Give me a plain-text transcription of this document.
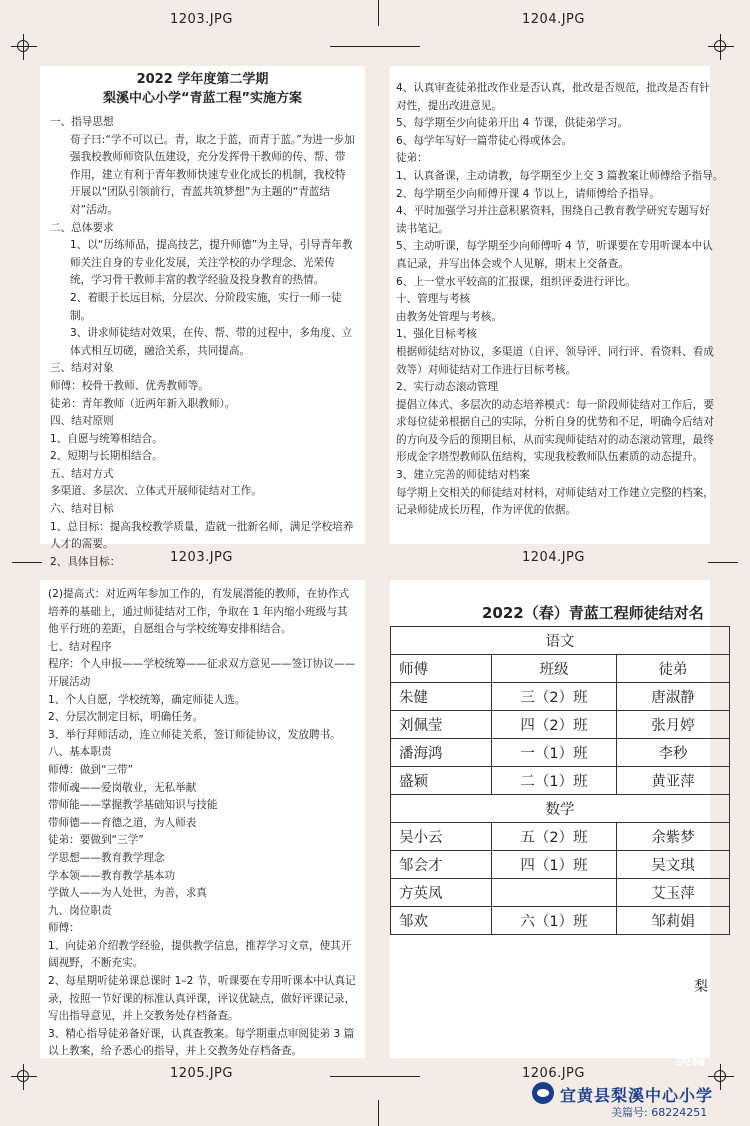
1203.JPG	1204.JPG
1203.JPG	1204.JPG
1205.JPG	1206.JPG
2022 学年度第二学期
梨溪中心小学“青蓝工程”实施方案
一、指导思想
荀子曰:“学不可以已。青，取之于蓝，而青于蓝。”为进一步加强我校教师师资队伍建设，充分发挥骨干教师的传、帮、带作用，建立有利于青年教师快速专业化成长的机制，我校特开展以“团队引领前行，青蓝共筑梦想”为主题的“青蓝结对”活动。
二、总体要求
1、以“历练师品，提高技艺，提升师德”为主导，引导青年教师关注自身的专业化发展，关注学校的办学理念、光荣传统，学习骨干教师丰富的教学经验及投身教育的热情。
2、着眼于长远目标，分层次、分阶段实施，实行一师一徒制。
3、讲求师徒结对效果，在传、帮、带的过程中，多角度、立体式相互切磋，融洽关系，共同提高。
三、结对对象
师傅：校骨干教师、优秀教师等。
徒弟：青年教师（近两年新入职教师）。
四、结对原则
1、自愿与统筹相结合。
2、短期与长期相结合。
五、结对方式
多渠道、多层次、立体式开展师徒结对工作。
六、结对目标
1、总目标：提高我校教学质量，造就一批新名师，满足学校培养人才的需要。
2、具体目标：
4、认真审查徒弟批改作业是否认真，批改是否规范，批改是否有针
对性，提出改进意见。
5、每学期至少向徒弟开出 4 节课，供徒弟学习。
6、每学年写好一篇带徒心得或体会。
徒弟：
1、认真备课，主动请教，每学期至少上交 3 篇教案让师傅给予指导。
2、每学期至少向师傅开课 4 节以上，请师傅给予指导。
4、平时加强学习并注意积累资料，围绕自己教育教学研究专题写好
读书笔记。
5、主动听课，每学期至少向师傅听 4 节，听课要在专用听课本中认
真记录，并写出体会或个人见解，期末上交备查。
6、上一堂水平较高的汇报课，组织评委进行评比。
十、管理与考核
由教务处管理与考核。
1、强化目标考核
根据师徒结对协议，多渠道（自评、领导评、同行评、看资料、看成
效等）对师徒结对工作进行目标考核。
2、实行动态滚动管理
提倡立体式、多层次的动态培养模式：每一阶段师徒结对工作后，要
求每位徒弟根据自己的实际，分析自身的优势和不足，明确今后结对
的方向及今后的预期目标，从而实现师徒结对的动态滚动管理，最终
形成金字塔型教师队伍结构，实现我校教师队伍素质的动态提升。
3、建立完善的师徒结对档案
每学期上交相关的师徒结对材料，对师徒结对工作建立完整的档案，
记录师徒成长历程，作为评优的依据。
(2)提高式：对近两年参加工作的，有发展潜能的教师，在协作式培养的基础上，通过师徒结对工作，争取在 1 年内缩小班级与其他平行班的差距，自愿组合与学校统筹安排相结合。
七、结对程序
程序：个人申报——学校统筹——征求双方意见——签订协议——开展活动
1、个人自愿，学校统筹，确定师徒人选。
2、分层次制定目标，明确任务。
3、举行拜师活动，连立师徒关系，签订师徒协议，发放聘书。
八、基本职责
师傅：做到“三带”
带师魂——爱岗敬业，无私举献
带师能——掌握教学基础知识与技能
带师德——育德之道，为人师表
徒弟：要做到“三学”
学思想——教育教学理念
学本领——教育教学基本功
学做人——为人处世，为善，求真
九、岗位职责
师傅：
1、向徒弟介绍教学经验，提供教学信息，推荐学习文章，使其开阔视野，不断充实。
2、每星期听徒弟课总课时 1–2 节，听课要在专用听课本中认真记录，按照一节好课的标准认真评课，评议优缺点，做好评课记录，写出指导意见，并上交教务处存档备查。
3、精心指导徒弟备好课，认真查教案。每学期重点审阅徒弟 3 篇以上教案，给予悉心的指导，并上交教务处存档备查。
2022（春）青蓝工程师徒结对名
语文		
师傅	班级	徒弟
朱健	三（2）班	唐淑静
刘佩莹	四（2）班	张月婷
潘海鸿	一（1）班	李秒
盛颖	二（1）班	黄亚萍
数学		
吴小云	五（2）班	余紫梦
邹会才	四（1）班	吴文琪
方英凤		艾玉萍
邹欢	六（1）班	邹莉娟
梨
美篇
宜黄县梨溪中心小学
美篇号: 68224251
